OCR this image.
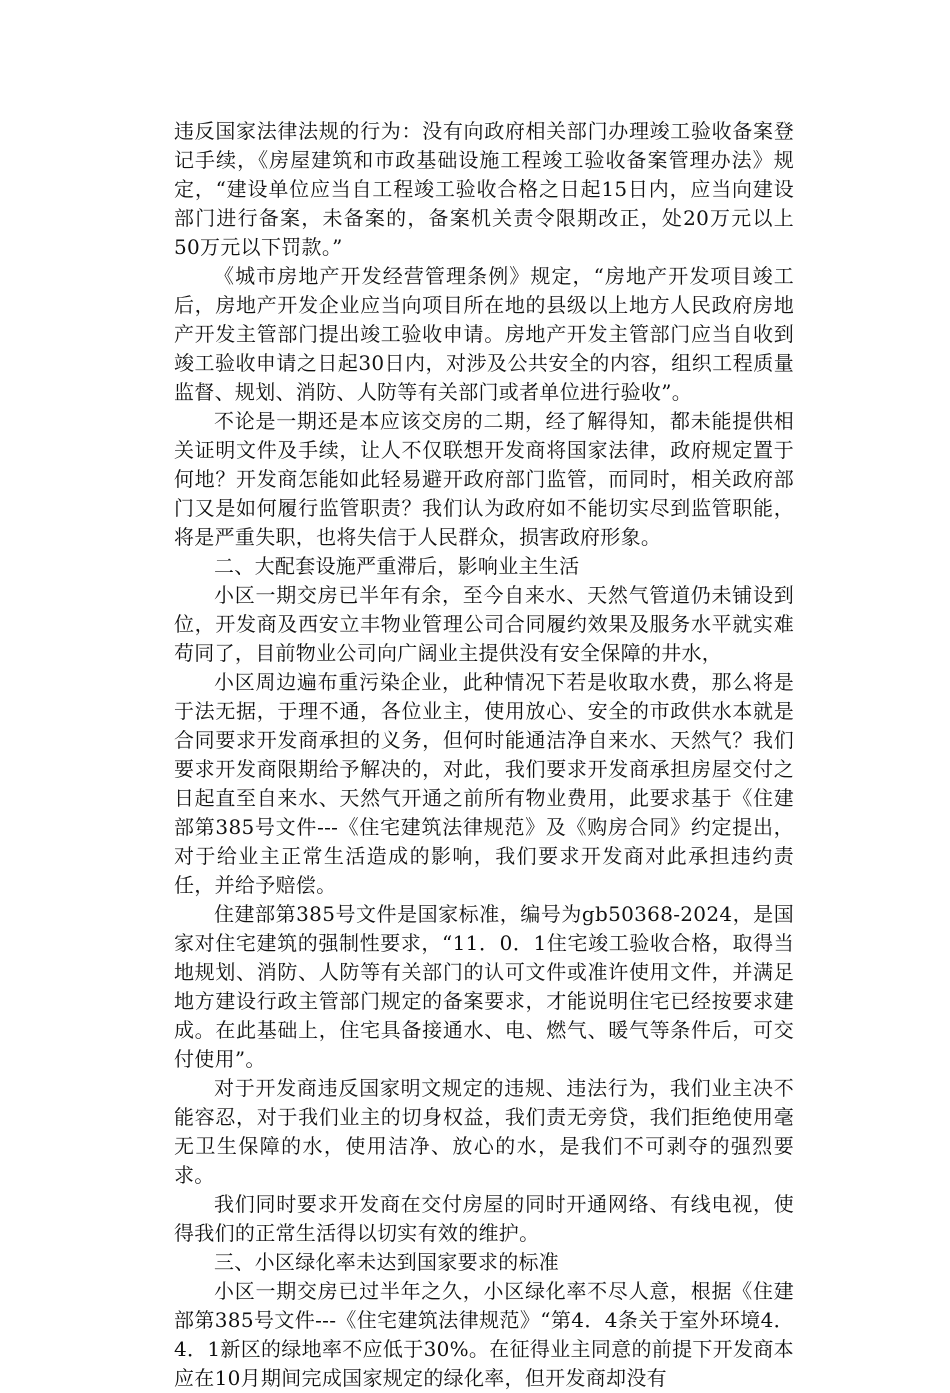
违反国家法律法规的行为：没有向政府相关部门办理竣工验收备案登记手续，《房屋建筑和市政基础设施工程竣工验收备案管理办法》规定，“建设单位应当自工程竣工验收合格之日起15日内，应当向建设部门进行备案，未备案的，备案机关责令限期改正，处20万元以上50万元以下罚款。”

《城市房地产开发经营管理条例》规定，“房地产开发项目竣工后，房地产开发企业应当向项目所在地的县级以上地方人民政府房地产开发主管部门提出竣工验收申请。房地产开发主管部门应当自收到竣工验收申请之日起30日内，对涉及公共安全的内容，组织工程质量监督、规划、消防、人防等有关部门或者单位进行验收”。

不论是一期还是本应该交房的二期，经了解得知，都未能提供相关证明文件及手续，让人不仅联想开发商将国家法律，政府规定置于何地？开发商怎能如此轻易避开政府部门监管，而同时，相关政府部门又是如何履行监管职责？我们认为政府如不能切实尽到监管职能，将是严重失职，也将失信于人民群众，损害政府形象。

二、大配套设施严重滞后，影响业主生活

小区一期交房已半年有余，至今自来水、天然气管道仍未铺设到位，开发商及西安立丰物业管理公司合同履约效果及服务水平就实难苟同了，目前物业公司向广阔业主提供没有安全保障的井水，

小区周边遍布重污染企业，此种情况下若是收取水费，那么将是于法无据，于理不通，各位业主，使用放心、安全的市政供水本就是合同要求开发商承担的义务，但何时能通洁净自来水、天然气？我们要求开发商限期给予解决的，对此，我们要求开发商承担房屋交付之日起直至自来水、天然气开通之前所有物业费用，此要求基于《住建部第385号文件---《住宅建筑法律规范》及《购房合同》约定提出，对于给业主正常生活造成的影响，我们要求开发商对此承担违约责任，并给予赔偿。

住建部第385号文件是国家标准，编号为gb50368-2024，是国家对住宅建筑的强制性要求，“11．0．1住宅竣工验收合格，取得当地规划、消防、人防等有关部门的认可文件或准许使用文件，并满足地方建设行政主管部门规定的备案要求，才能说明住宅已经按要求建成。在此基础上，住宅具备接通水、电、燃气、暖气等条件后，可交付使用”。

对于开发商违反国家明文规定的违规、违法行为，我们业主决不能容忍，对于我们业主的切身权益，我们责无旁贷，我们拒绝使用毫无卫生保障的水，使用洁净、放心的水，是我们不可剥夺的强烈要求。

我们同时要求开发商在交付房屋的同时开通网络、有线电视，使得我们的正常生活得以切实有效的维护。

三、小区绿化率未达到国家要求的标准

小区一期交房已过半年之久，小区绿化率不尽人意，根据《住建部第385号文件---《住宅建筑法律规范》“第4．4条关于室外环境4．4．1新区的绿地率不应低于30%。在征得业主同意的前提下开发商本应在10月期间完成国家规定的绿化率，但开发商却没有
